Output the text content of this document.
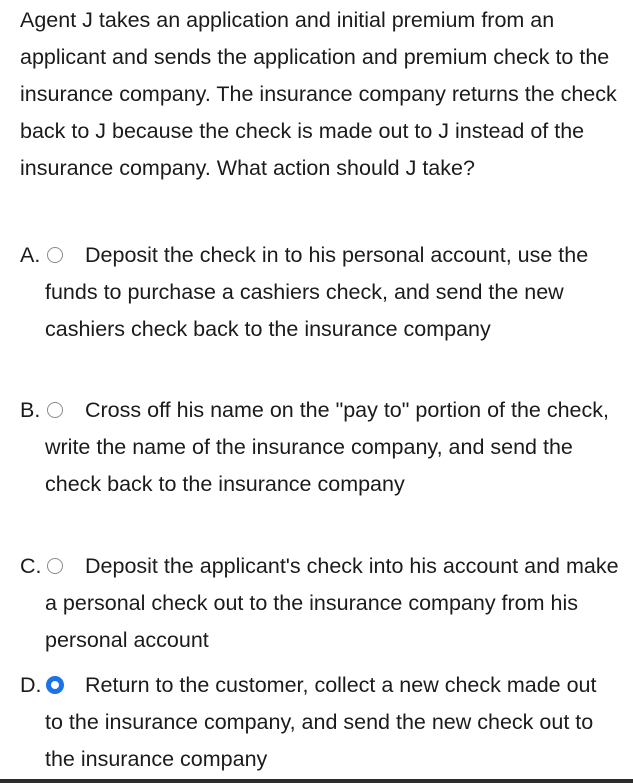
Agent J takes an application and initial premium from an applicant and sends the application and premium check to the insurance company. The insurance company returns the check back to J because the check is made out to J instead of the insurance company. What action should J take?

A.	Deposit the check in to his personal account, use the funds to purchase a cashiers check, and send the new cashiers check back to the insurance company

B.	Cross off his name on the "pay to" portion of the check, write the name of the insurance company, and send the check back to the insurance company

C.	Deposit the applicant's check into his account and make a personal check out to the insurance company from his personal account

D.	Return to the customer, collect a new check made out to the insurance company, and send the new check out to the insurance company
